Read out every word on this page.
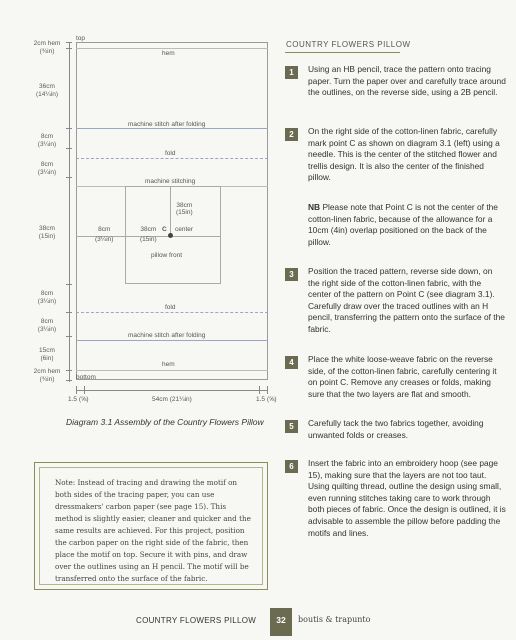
COUNTRY FLOWERS PILLOW
2cm hem
(¾in)
36cm
(14¼in)
8cm
(3¼in)
8cm
(3¼in)
38cm
(15in)
8cm
(3¼in)
8cm
(3¼in)
15cm
(6in)
2cm hem
(¾in)
top
bottom
hem
hem
machine stitch after folding
machine stitch after folding
fold
fold
machine stitching
pillow front
C center
38cm
(15in)
38cm
(15in)
8cm
(3¼in)
1.5 (⅝)	54cm (21¼in)	1.5 (⅝)
Diagram 3.1 Assembly of the Country Flowers Pillow
Note: Instead of tracing and drawing the motif on both sides of the tracing paper, you can use dressmakers' carbon paper (see page 15). This method is slightly easier, cleaner and quicker and the same results are achieved. For this project, position the carbon paper on the right side of the fabric, then place the motif on top. Secure it with pins, and draw over the outlines using an H pencil. The motif will be transferred onto the surface of the fabric.
1	Using an HB pencil, trace the pattern onto tracing paper. Turn the paper over and carefully trace around the outlines, on the reverse side, using a 2B pencil.
2	On the right side of the cotton-linen fabric, carefully mark point C as shown on diagram 3.1 (left) using a needle. This is the center of the stitched flower and trellis design. It is also the center of the finished pillow.
NB Please note that Point C is not the center of the cotton-linen fabric, because of the allowance for a 10cm (4in) overlap positioned on the back of the pillow.
3	Position the traced pattern, reverse side down, on the right side of the cotton-linen fabric, with the center of the pattern on Point C (see diagram 3.1). Carefully draw over the traced outlines with an H pencil, transferring the pattern onto the surface of the fabric.
4	Place the white loose-weave fabric on the reverse side, of the cotton-linen fabric, carefully centering it on point C. Remove any creases or folds, making sure that the two layers are flat and smooth.
5	Carefully tack the two fabrics together, avoiding unwanted folds or creases.
6	Insert the fabric into an embroidery hoop (see page 15), making sure that the layers are not too taut. Using quilting thread, outline the design using small, even running stitches taking care to work through both pieces of fabric. Once the design is outlined, it is advisable to assemble the pillow before padding the motifs and lines.
COUNTRY FLOWERS PILLOW	32	boutis & trapunto
